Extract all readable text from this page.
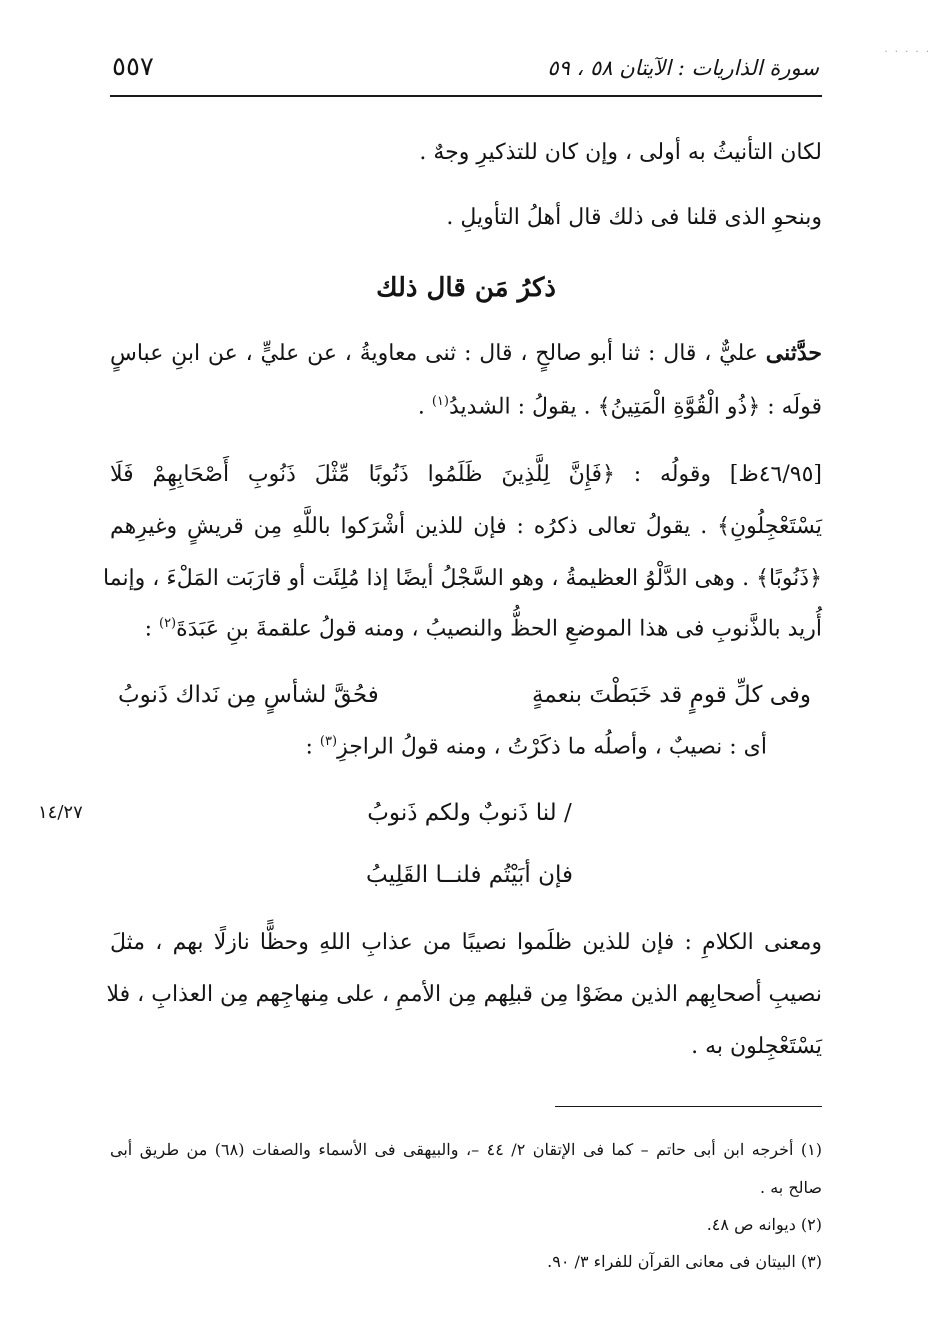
. . . . .
٥٥٧	سورة الذاريات : الآيتان ٥٨ ، ٥٩
لكان التأنيثُ به أولى ، وإن كان للتذكيرِ وجهٌ .
وبنحوِ الذى قلنا فى ذلك قال أهلُ التأويلِ .
ذكرُ مَن قال ذلك
حدَّثنى عليٌّ ، قال : ثنا أبو صالحٍ ، قال : ثنى معاويةُ ، عن عليٍّ ، عن ابنِ عباسٍ
قولَه : ﴿ذُو الْقُوَّةِ الْمَتِينُ﴾ . يقولُ : الشديدُ$^{(١)}$ .
[٤٦/٩٥ظ] وقولُه : ﴿فَإِنَّ لِلَّذِينَ ظَلَمُوا ذَنُوبًا مِّثْلَ ذَنُوبِ أَصْحَابِهِمْ فَلَا
يَسْتَعْجِلُونِ﴾ . يقولُ تعالى ذكرُه : فإن للذين أشْرَكوا باللَّهِ مِن قريشٍ وغيرِهم
﴿ذَنُوبًا﴾ . وهى الدَّلْوُ العظيمةُ ، وهو السَّجْلُ أيضًا إذا مُلِئَت أو قارَبَت المَلْءَ ، وإنما
أُريد بالذَّنوبِ فى هذا الموضعِ الحظُّ والنصيبُ ، ومنه قولُ علقمةَ بنِ عَبَدَةَ$^{(٢)}$ :
وفى كلِّ قومٍ قد خَبَطْتَ بنعمةٍ
فحُقَّ لشأسٍ مِن نَداك ذَنوبُ
أى : نصيبٌ ، وأصلُه ما ذكَرْتُ ، ومنه قولُ الراجزِ$^{(٣)}$ :
١٤/٢٧	/ لنا ذَنوبٌ ولكم ذَنوبُ
فإن أبَيْتُم فلنــا القَلِيبُ
ومعنى الكلامِ : فإن للذين ظلَموا نصيبًا من عذابِ اللهِ وحظًّا نازلًا بهم ، مثلَ
نصيبِ أصحابِهم الذين مضَوْا مِن قبلِهم مِن الأممِ ، على مِنهاجِهم مِن العذابِ ، فلا
يَسْتَعْجِلون به .
(١) أخرجه ابن أبى حاتم – كما فى الإتقان ٢/ ٤٤ –، والبيهقى فى الأسماء والصفات (٦٨) من طريق أبى
صالح به .
(٢) ديوانه ص ٤٨.
(٣) البيتان فى معانى القرآن للفراء ٣/ ٩٠.
